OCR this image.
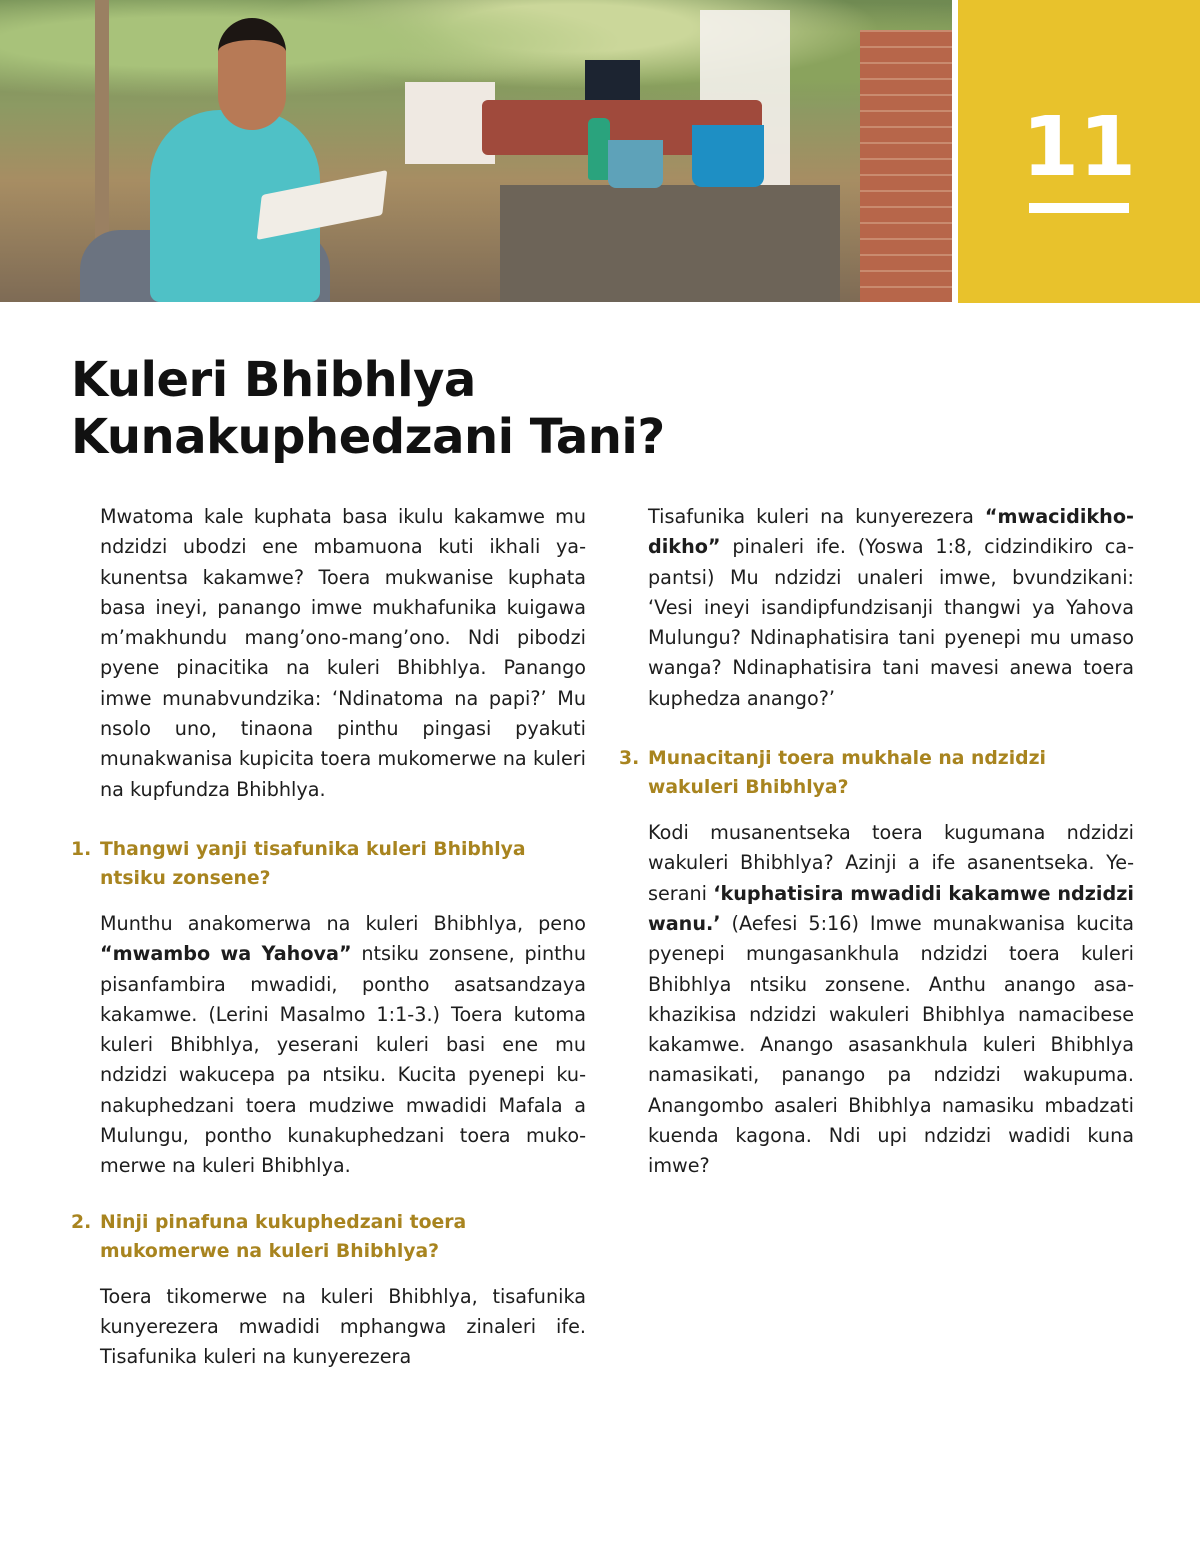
11
Kuleri Bhibhlya
Kunakuphedzani Tani?

Mwatoma kale kuphata basa ikulu kakamwe mu ndzidzi ubodzi ene mbamuona kuti ikhali yakunentsa kakamwe? Toera mukwanise kuphata basa ineyi, panango imwe mukhafunika kuigawa m’makhundu mang’ono-mang’ono. Ndi pibodzi pyene pinacitika na kuleri Bhibhlya. Panango imwe munabvundzika: ‘Ndinatoma na papi?’ Mu nsolo uno, tinaona pinthu pingasi pyakuti munakwanisa kupicita toera mukomerwe na kuleri na kupfundza Bhibhlya.

1. Thangwi yanji tisafunika kuleri Bhibhlya ntsiku zonsene?

Munthu anakomerwa na kuleri Bhibhlya, peno “mwambo wa Yahova” ntsiku zonsene, pinthu pisanfambira mwadidi, pontho asatsandzaya kakamwe. (Lerini Masalmo 1:1-3.) Toera kutoma kuleri Bhibhlya, yeserani kuleri basi ene mu ndzidzi wakucepa pa ntsiku. Kucita pyenepi kunakuphedzani toera mudziwe mwadidi Mafala a Mulungu, pontho kunakuphedzani toera mukomerwe na kuleri Bhibhlya.

2. Ninji pinafuna kukuphedzani toera mukomerwe na kuleri Bhibhlya?

Toera tikomerwe na kuleri Bhibhlya, tisafunika kunyerezera mwadidi mphangwa zinaleri ife. Tisafunika kuleri na kunyerezera

Tisafunika kuleri na kunyerezera “mwacidikhodikho” pinaleri ife. (Yoswa 1:8, cidzindikiro capantsi) Mu ndzidzi unaleri imwe, bvundzikani: ‘Vesi ineyi isandipfundzisanji thangwi ya Yahova Mulungu? Ndinaphatisira tani pyenepi mu umaso wanga? Ndinaphatisira tani mavesi anewa toera kuphedza anango?’

3. Munacitanji toera mukhale na ndzidzi wakuleri Bhibhlya?

Kodi musanentseka toera kugumana ndzidzi wakuleri Bhibhlya? Azinji a ife asanentseka. Yeserani ‘kuphatisira mwadidi kakamwe ndzidzi wanu.’ (Aefesi 5:16) Imwe munakwanisa kucita pyenepi mungasankhula ndzidzi toera kuleri Bhibhlya ntsiku zonsene. Anthu anango asakhazikisa ndzidzi wakuleri Bhibhlya namacibese kakamwe. Anango asasankhula kuleri Bhibhlya namasikati, panango pa ndzidzi wakupuma. Anangombo asaleri Bhibhlya namasiku mbadzati kuenda kagona. Ndi upi ndzidzi wadidi kuna imwe?
